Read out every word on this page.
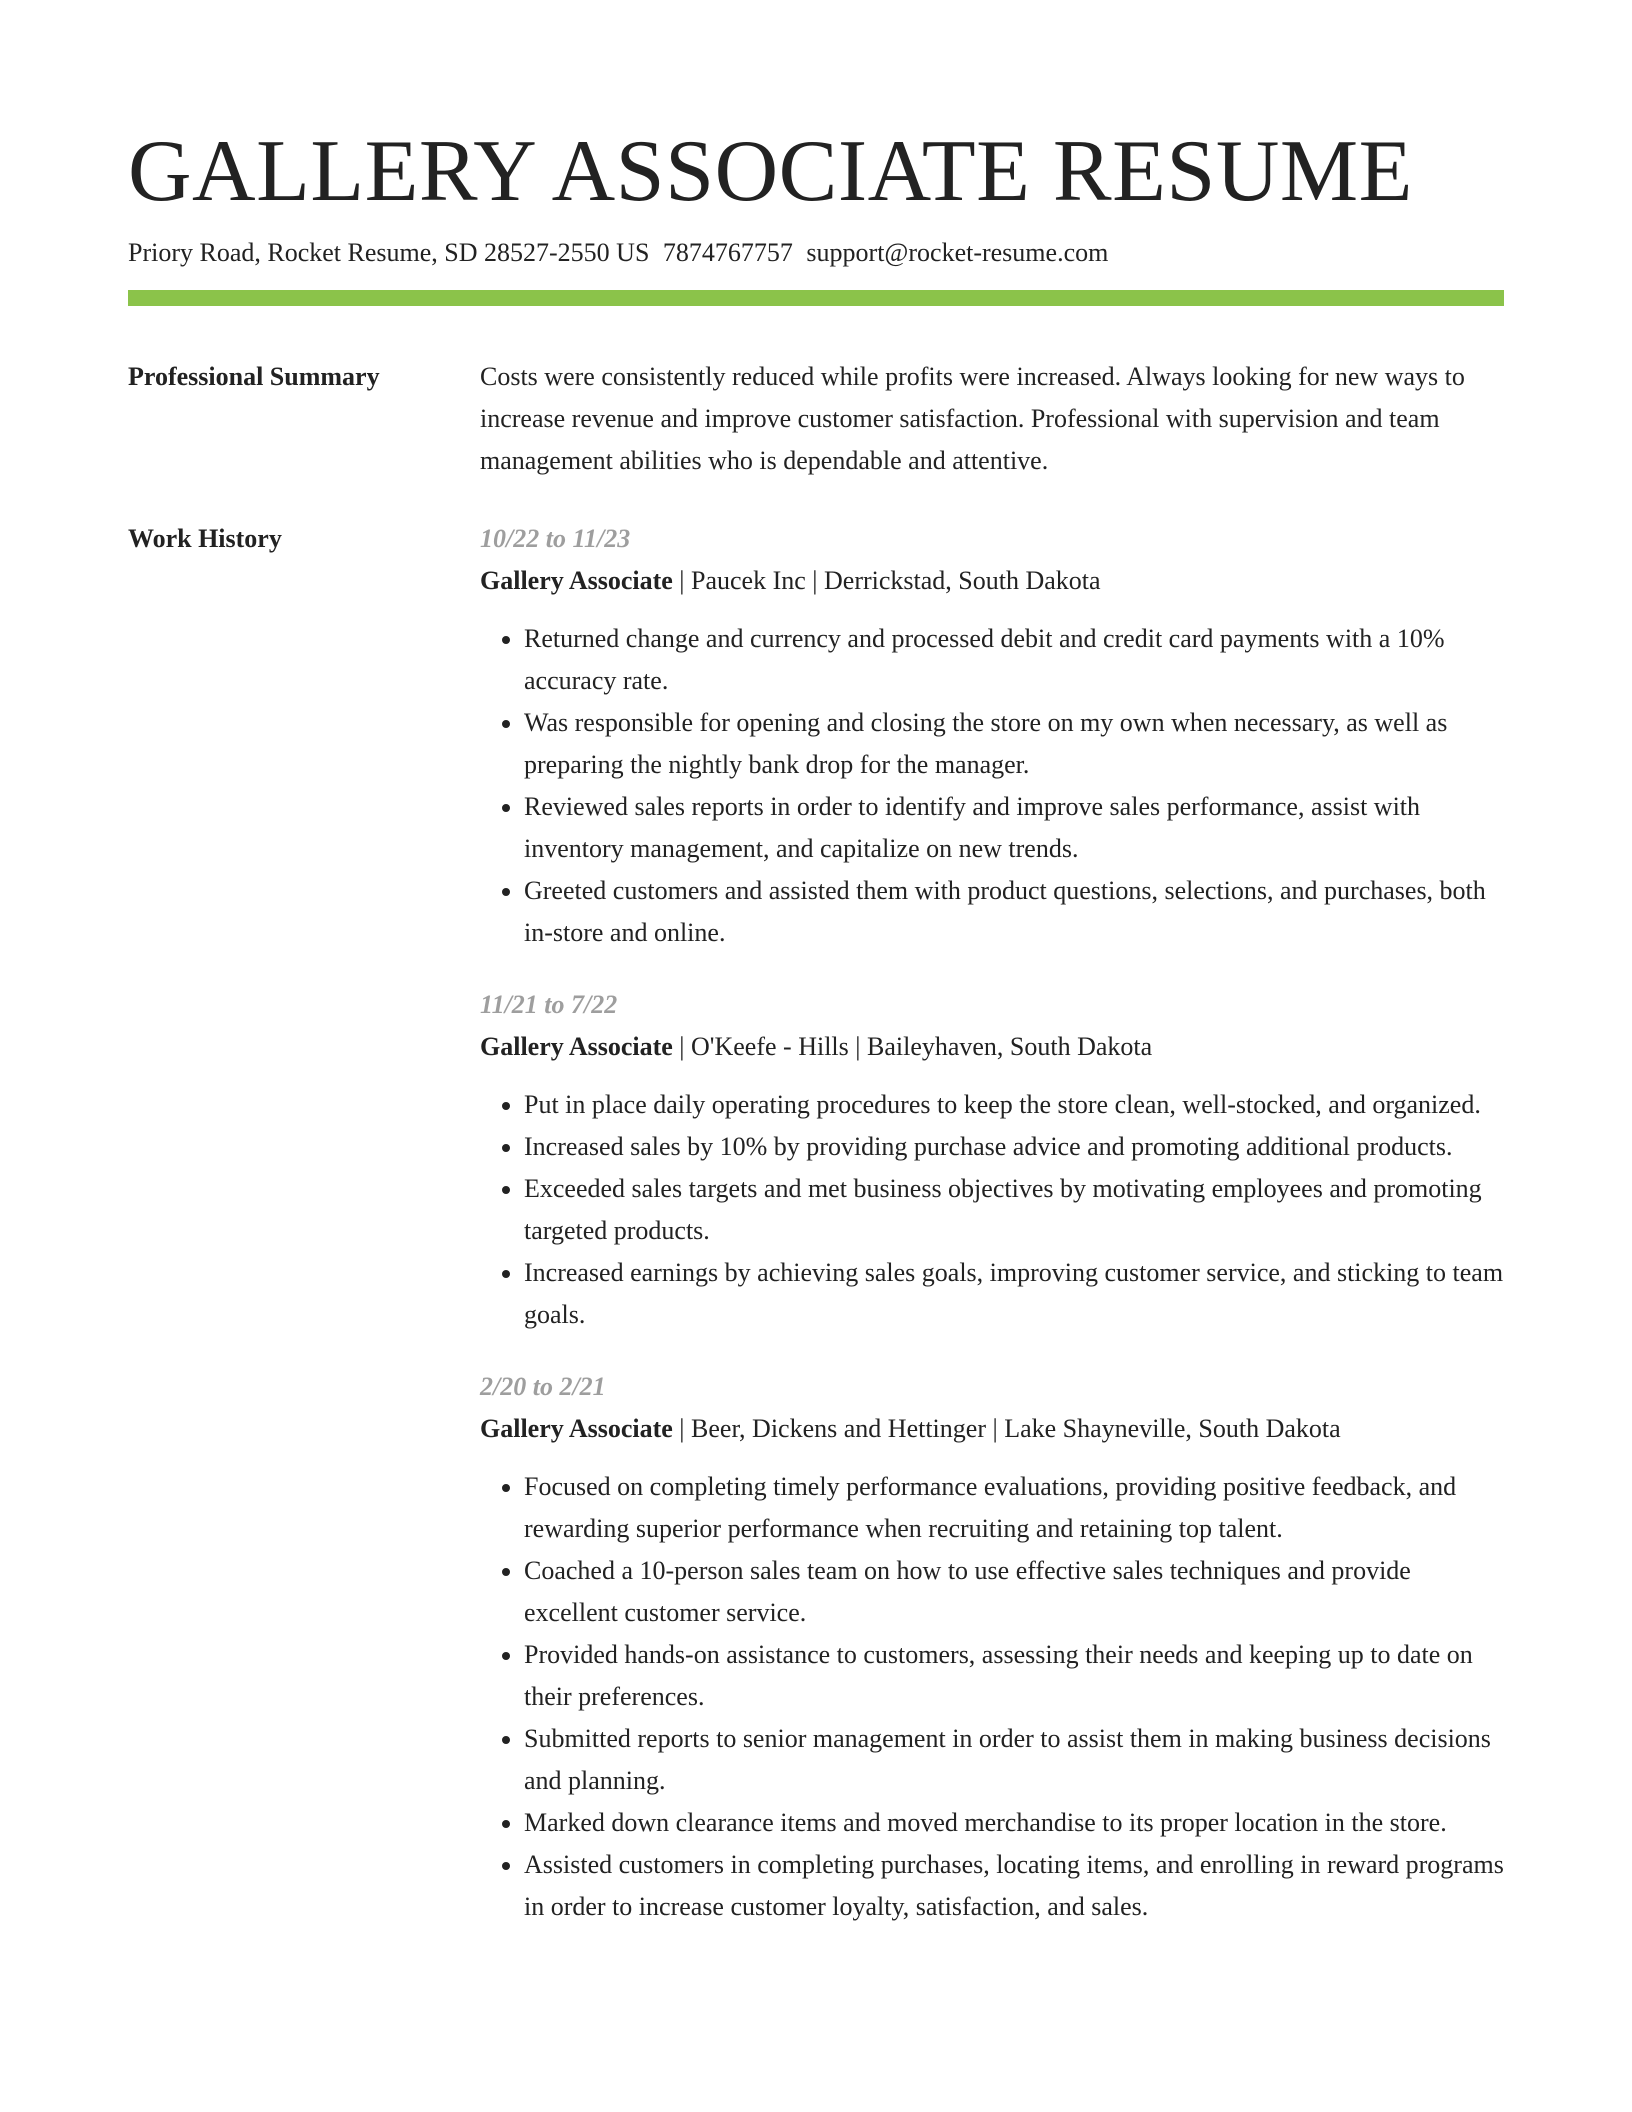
GALLERY ASSOCIATE RESUME
Priory Road, Rocket Resume, SD 28527-2550 US 7874767757 support@rocket-resume.com
Professional Summary	Costs were consistently reduced while profits were increased. Always looking for new ways to increase revenue and improve customer satisfaction. Professional with supervision and team management abilities who is dependable and attentive.
Work History	10/22 to 11/23
Gallery Associate | Paucek Inc | Derrickstad, South Dakota
• Returned change and currency and processed debit and credit card payments with a 10% accuracy rate.
• Was responsible for opening and closing the store on my own when necessary, as well as preparing the nightly bank drop for the manager.
• Reviewed sales reports in order to identify and improve sales performance, assist with inventory management, and capitalize on new trends.
• Greeted customers and assisted them with product questions, selections, and purchases, both in-store and online.
11/21 to 7/22
Gallery Associate | O'Keefe - Hills | Baileyhaven, South Dakota
• Put in place daily operating procedures to keep the store clean, well-stocked, and organized.
• Increased sales by 10% by providing purchase advice and promoting additional products.
• Exceeded sales targets and met business objectives by motivating employees and promoting targeted products.
• Increased earnings by achieving sales goals, improving customer service, and sticking to team goals.
2/20 to 2/21
Gallery Associate | Beer, Dickens and Hettinger | Lake Shayneville, South Dakota
• Focused on completing timely performance evaluations, providing positive feedback, and rewarding superior performance when recruiting and retaining top talent.
• Coached a 10-person sales team on how to use effective sales techniques and provide excellent customer service.
• Provided hands-on assistance to customers, assessing their needs and keeping up to date on their preferences.
• Submitted reports to senior management in order to assist them in making business decisions and planning.
• Marked down clearance items and moved merchandise to its proper location in the store.
• Assisted customers in completing purchases, locating items, and enrolling in reward programs in order to increase customer loyalty, satisfaction, and sales.
